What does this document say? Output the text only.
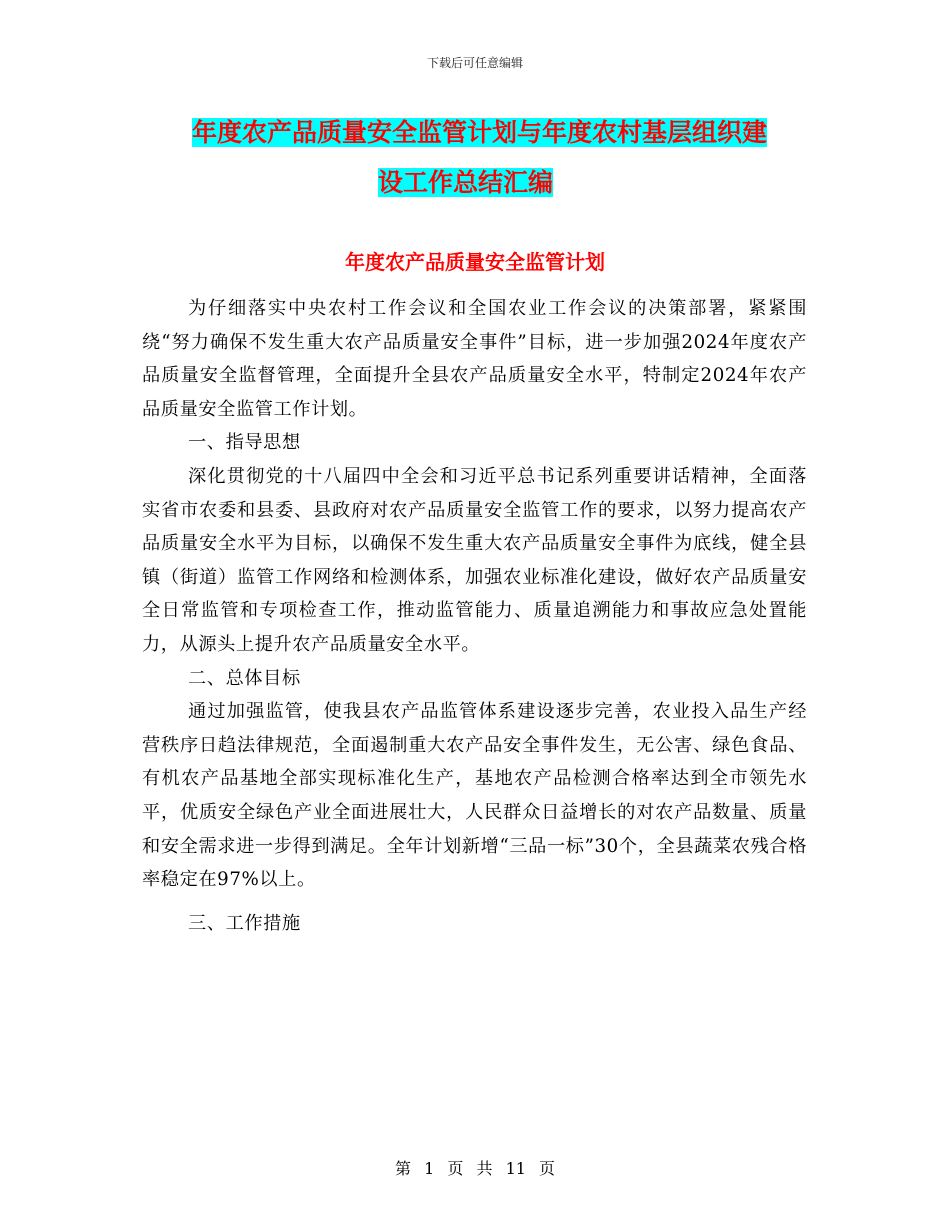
下载后可任意编辑
年度农产品质量安全监管计划与年度农村基层组织建
设工作总结汇编
年度农产品质量安全监管计划

为仔细落实中央农村工作会议和全国农业工作会议的决策部署，紧紧围绕“努力确保不发生重大农产品质量安全事件”目标，进一步加强2024年度农产品质量安全监督管理，全面提升全县农产品质量安全水平，特制定2024年农产品质量安全监管工作计划。

一、指导思想

深化贯彻党的十八届四中全会和习近平总书记系列重要讲话精神，全面落实省市农委和县委、县政府对农产品质量安全监管工作的要求，以努力提高农产品质量安全水平为目标，以确保不发生重大农产品质量安全事件为底线，健全县镇（街道）监管工作网络和检测体系，加强农业标准化建设，做好农产品质量安全日常监管和专项检查工作，推动监管能力、质量追溯能力和事故应急处置能力，从源头上提升农产品质量安全水平。

二、总体目标

通过加强监管，使我县农产品监管体系建设逐步完善，农业投入品生产经营秩序日趋法律规范，全面遏制重大农产品安全事件发生，无公害、绿色食品、有机农产品基地全部实现标准化生产，基地农产品检测合格率达到全市领先水平，优质安全绿色产业全面进展壮大，人民群众日益增长的对农产品数量、质量和安全需求进一步得到满足。全年计划新增“三品一标”30个，全县蔬菜农残合格率稳定在97%以上。

三、工作措施

第 1 页 共 11 页
